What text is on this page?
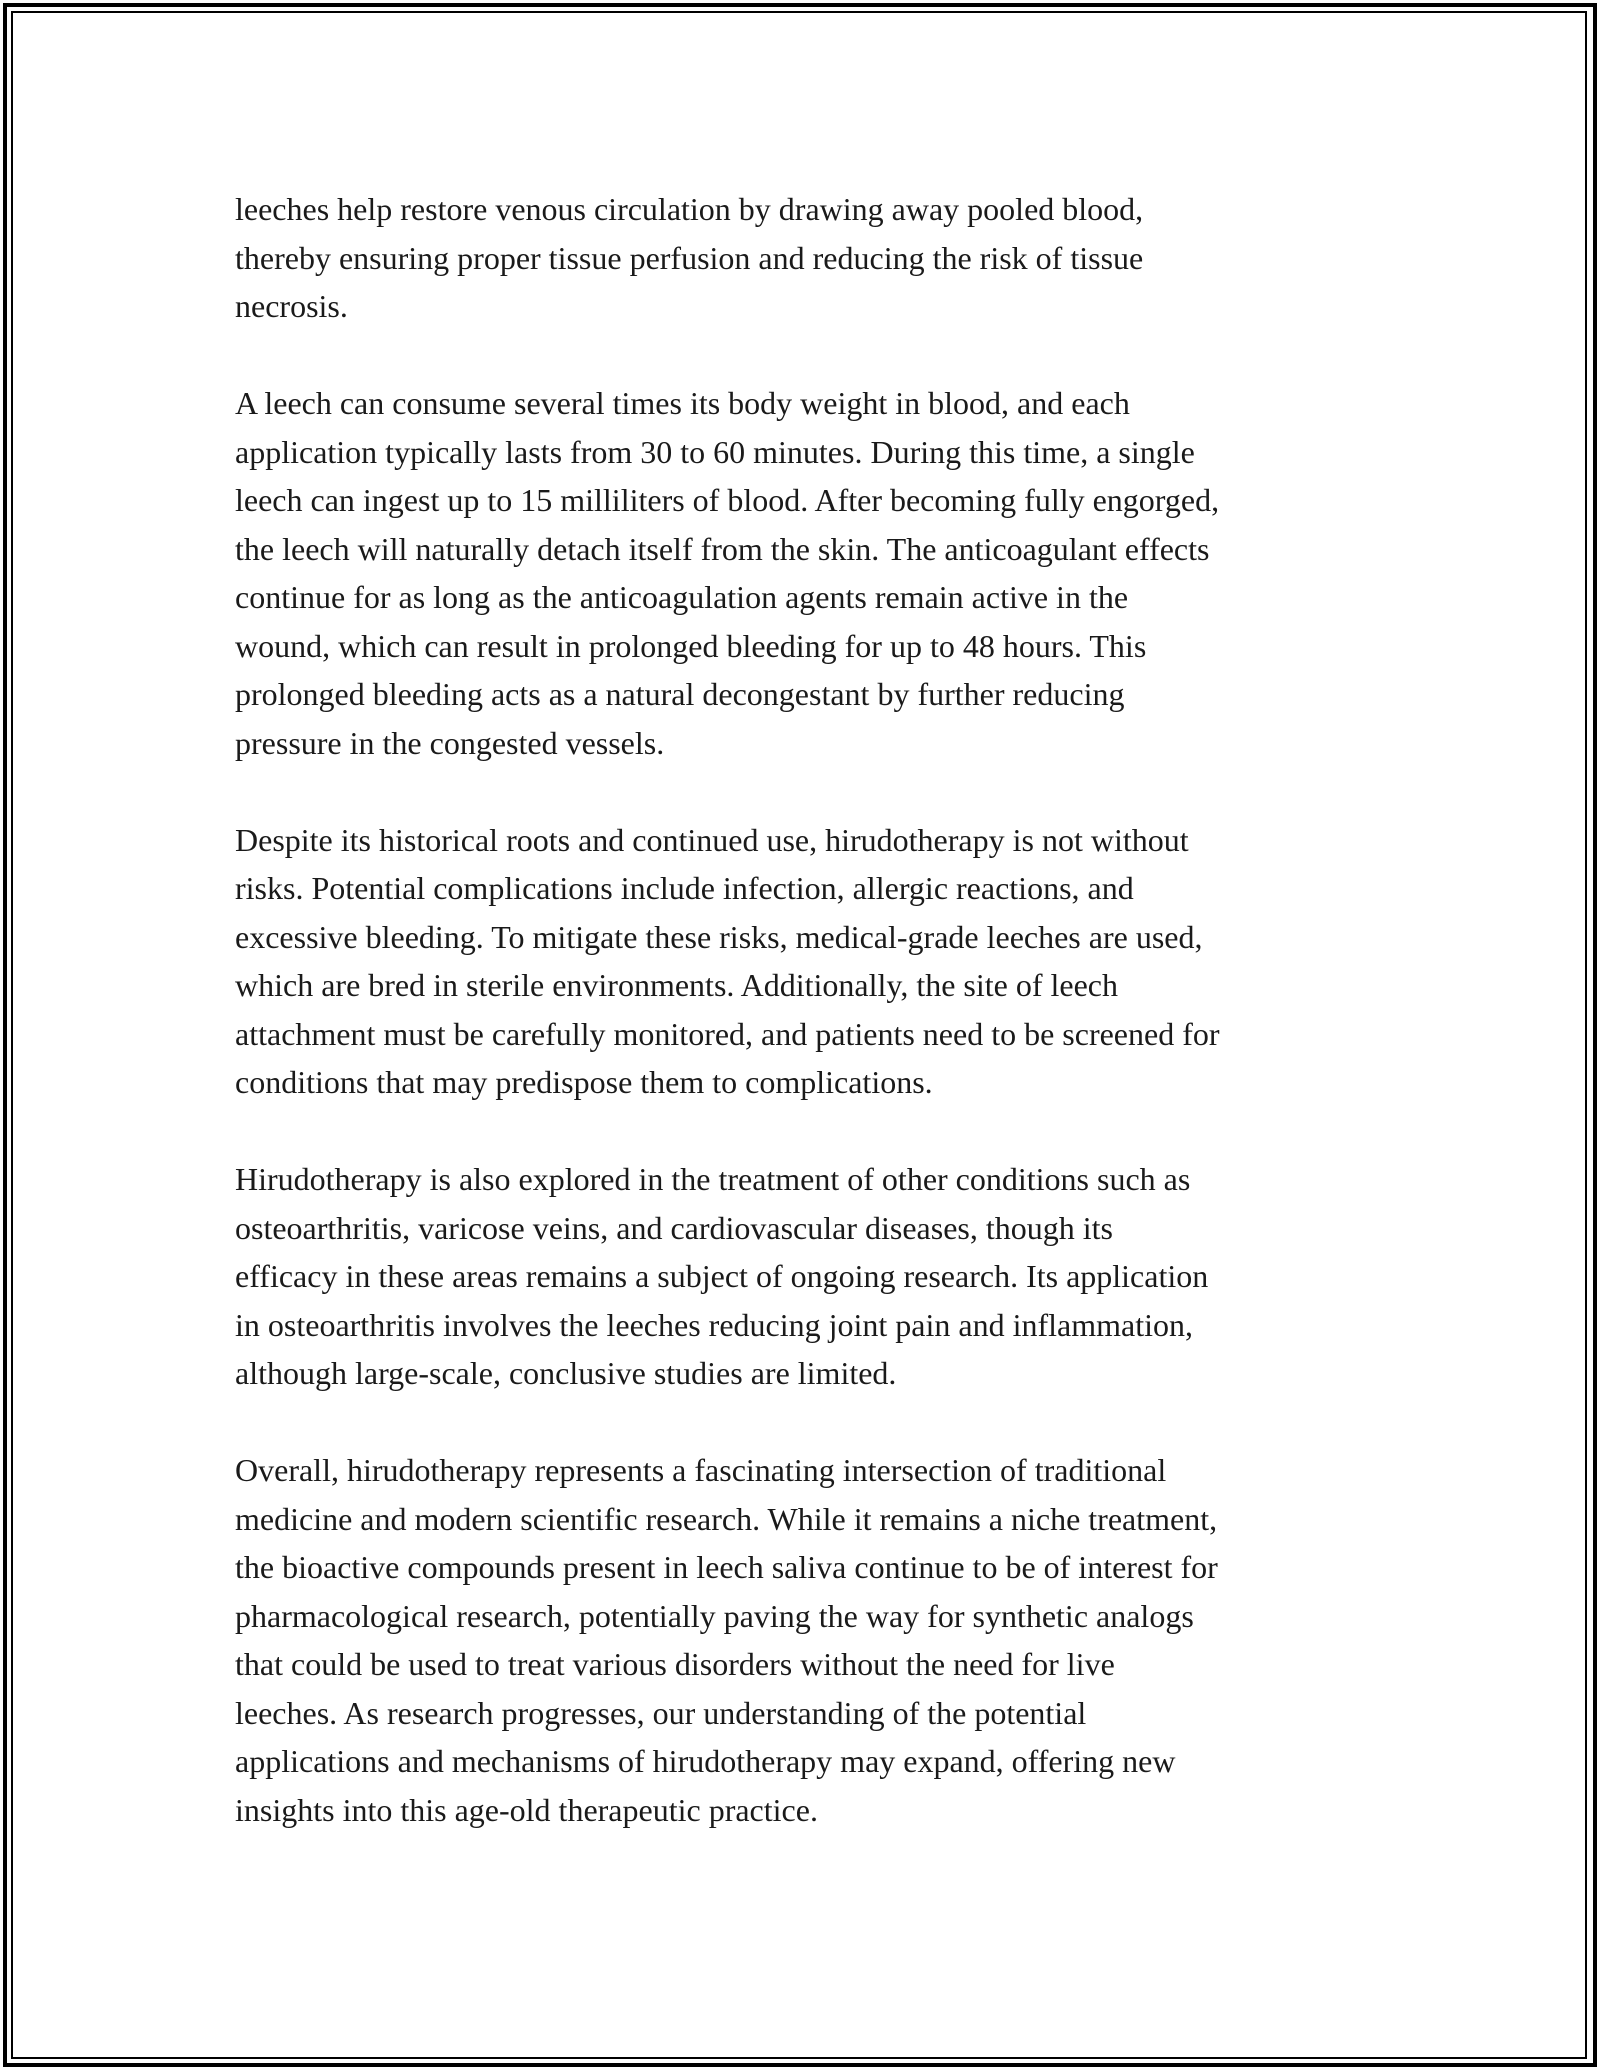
leeches help restore venous circulation by drawing away pooled blood,
thereby ensuring proper tissue perfusion and reducing the risk of tissue
necrosis.

A leech can consume several times its body weight in blood, and each
application typically lasts from 30 to 60 minutes. During this time, a single
leech can ingest up to 15 milliliters of blood. After becoming fully engorged,
the leech will naturally detach itself from the skin. The anticoagulant effects
continue for as long as the anticoagulation agents remain active in the
wound, which can result in prolonged bleeding for up to 48 hours. This
prolonged bleeding acts as a natural decongestant by further reducing
pressure in the congested vessels.

Despite its historical roots and continued use, hirudotherapy is not without
risks. Potential complications include infection, allergic reactions, and
excessive bleeding. To mitigate these risks, medical-grade leeches are used,
which are bred in sterile environments. Additionally, the site of leech
attachment must be carefully monitored, and patients need to be screened for
conditions that may predispose them to complications.

Hirudotherapy is also explored in the treatment of other conditions such as
osteoarthritis, varicose veins, and cardiovascular diseases, though its
efficacy in these areas remains a subject of ongoing research. Its application
in osteoarthritis involves the leeches reducing joint pain and inflammation,
although large-scale, conclusive studies are limited.

Overall, hirudotherapy represents a fascinating intersection of traditional
medicine and modern scientific research. While it remains a niche treatment,
the bioactive compounds present in leech saliva continue to be of interest for
pharmacological research, potentially paving the way for synthetic analogs
that could be used to treat various disorders without the need for live
leeches. As research progresses, our understanding of the potential
applications and mechanisms of hirudotherapy may expand, offering new
insights into this age-old therapeutic practice.
